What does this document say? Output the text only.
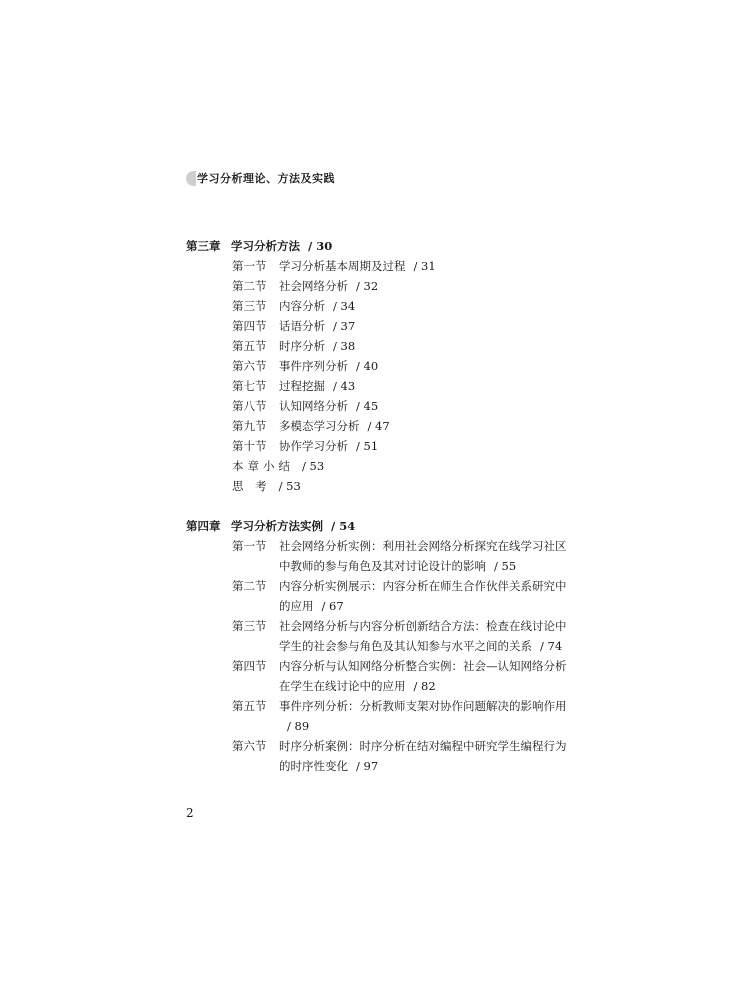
学习分析理论、方法及实践
第三章 学习分析方法 / 30
第一节 学习分析基本周期及过程 / 31
第二节 社会网络分析 / 32
第三节 内容分析 / 34
第四节 话语分析 / 37
第五节 时序分析 / 38
第六节 事件序列分析 / 40
第七节 过程挖掘 / 43
第八节 认知网络分析 / 45
第九节 多模态学习分析 / 47
第十节 协作学习分析 / 51
本章小结 / 53
思 考 / 53
第四章 学习分析方法实例 / 54
第一节 社会网络分析实例：利用社会网络分析探究在线学习社区
中教师的参与角色及其对讨论设计的影响 / 55
第二节 内容分析实例展示：内容分析在师生合作伙伴关系研究中
的应用 / 67
第三节 社会网络分析与内容分析创新结合方法：检查在线讨论中
学生的社会参与角色及其认知参与水平之间的关系 / 74
第四节 内容分析与认知网络分析整合实例：社会—认知网络分析
在学生在线讨论中的应用 / 82
第五节 事件序列分析：分析教师支架对协作问题解决的影响作用
/ 89
第六节 时序分析案例：时序分析在结对编程中研究学生编程行为
的时序性变化 / 97
2
